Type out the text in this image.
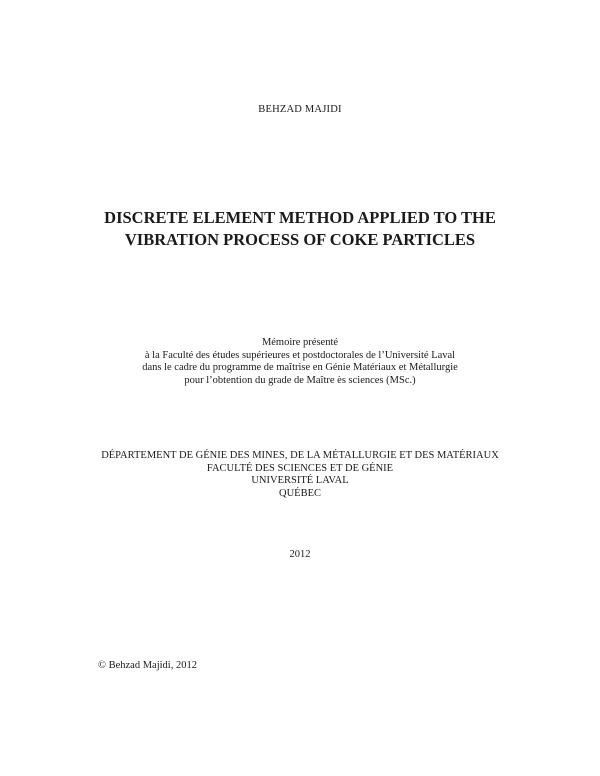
BEHZAD MAJIDI
DISCRETE ELEMENT METHOD APPLIED TO THE
VIBRATION PROCESS OF COKE PARTICLES
Mémoire présenté
à la Faculté des études supérieures et postdoctorales de l’Université Laval
dans le cadre du programme de maîtrise en Génie Matériaux et Métallurgie
pour l’obtention du grade de Maître ès sciences (MSc.)
DÉPARTEMENT DE GÉNIE DES MINES, DE LA MÉTALLURGIE ET DES MATÉRIAUX
FACULTÉ DES SCIENCES ET DE GÉNIE
UNIVERSITÉ LAVAL
QUÉBEC
2012
© Behzad Majidi, 2012
